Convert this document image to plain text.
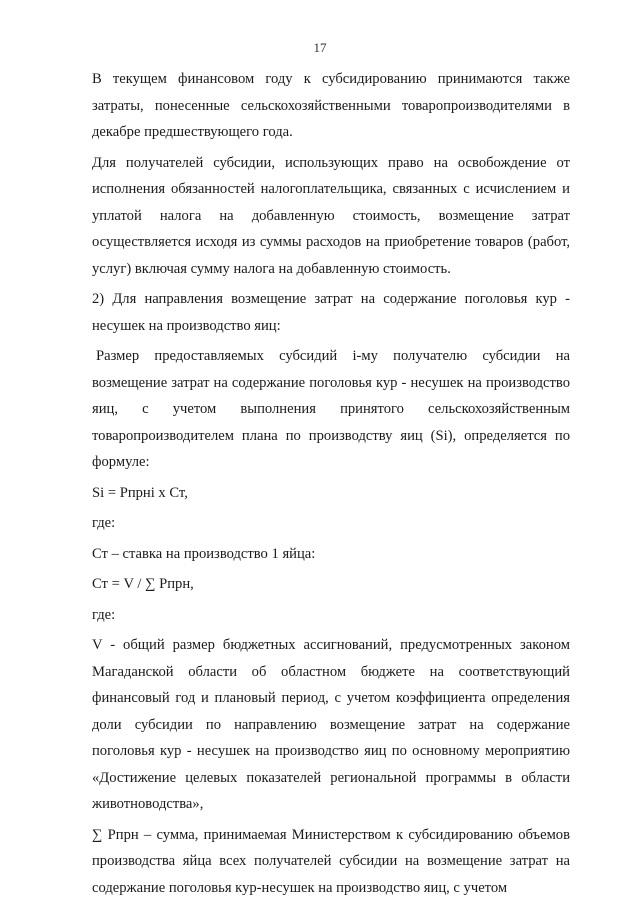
17

В текущем финансовом году к субсидированию принимаются также затраты, понесенные сельскохозяйственными товаропроизводителями в декабре предшествующего года.

Для получателей субсидии, использующих право на освобождение от исполнения обязанностей налогоплательщика, связанных с исчислением и уплатой налога на добавленную стоимость, возмещение затрат осуществляется исходя из суммы расходов на приобретение товаров (работ, услуг) включая сумму налога на добавленную стоимость.

2) Для направления возмещение затрат на содержание поголовья кур - несушек на производство яиц:

Размер предоставляемых субсидий i-му получателю субсидии на возмещение затрат на содержание поголовья кур - несушек на производство яиц, с учетом выполнения принятого сельскохозяйственным товаропроизводителем плана по производству яиц (Si), определяется по формуле:

Si = Рпрнi х Ст,

где:

Ст – ставка на производство 1 яйца:

Ст = V / ∑ Рпрн,

где:

V - общий размер бюджетных ассигнований, предусмотренных законом Магаданской области об областном бюджете на соответствующий финансовый год и плановый период, с учетом коэффициента определения доли субсидии по направлению возмещение затрат на содержание поголовья кур - несушек на производство яиц по основному мероприятию «Достижение целевых показателей региональной программы в области животноводства»,

∑ Рпрн – сумма, принимаемая Министерством к субсидированию объемов производства яйца всех получателей субсидии на возмещение затрат на содержание поголовья кур-несушек на производство яиц, с учетом
